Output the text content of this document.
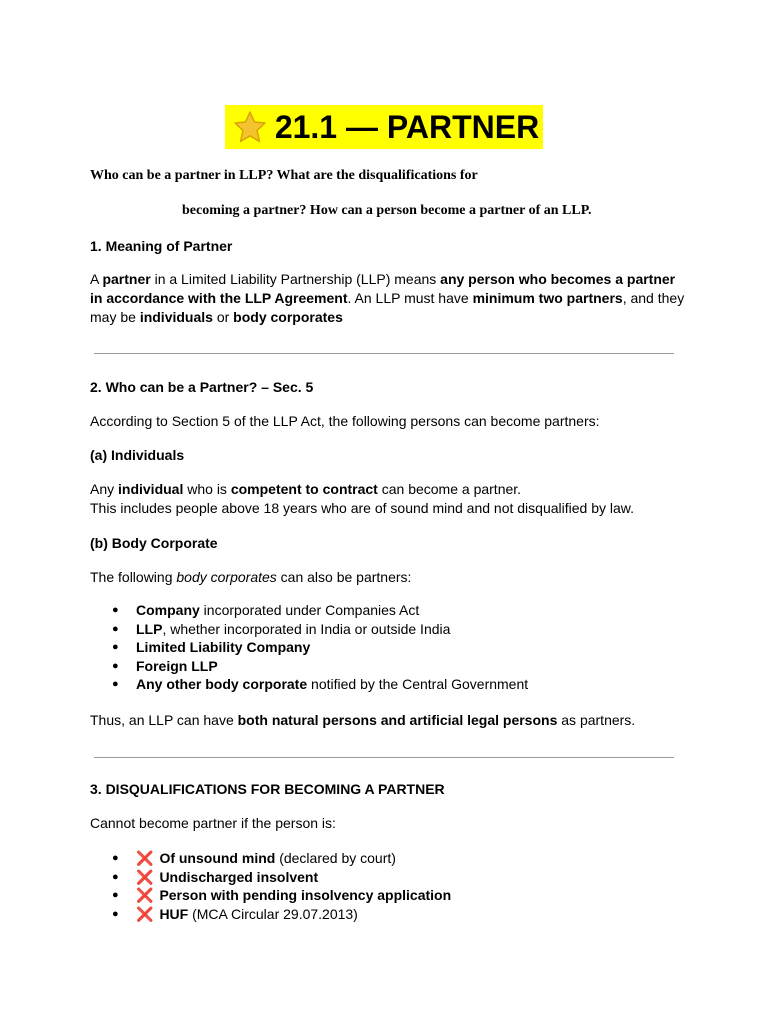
21.1 — PARTNER
Who can be a partner in LLP? What are the disqualifications for
becoming a partner? How can a person become a partner of an LLP.
1. Meaning of Partner
A partner in a Limited Liability Partnership (LLP) means any person who becomes a partner in accordance with the LLP Agreement. An LLP must have minimum two partners, and they may be individuals or body corporates
2. Who can be a Partner? – Sec. 5
According to Section 5 of the LLP Act, the following persons can become partners:
(a) Individuals
Any individual who is competent to contract can become a partner.
This includes people above 18 years who are of sound mind and not disqualified by law.
(b) Body Corporate
The following body corporates can also be partners:
● Company incorporated under Companies Act
● LLP, whether incorporated in India or outside India
● Limited Liability Company
● Foreign LLP
● Any other body corporate notified by the Central Government
Thus, an LLP can have both natural persons and artificial legal persons as partners.
3. DISQUALIFICATIONS FOR BECOMING A PARTNER
Cannot become partner if the person is:
● ❌ Of unsound mind (declared by court)
● ❌ Undischarged insolvent
● ❌ Person with pending insolvency application
● ❌ HUF (MCA Circular 29.07.2013)
